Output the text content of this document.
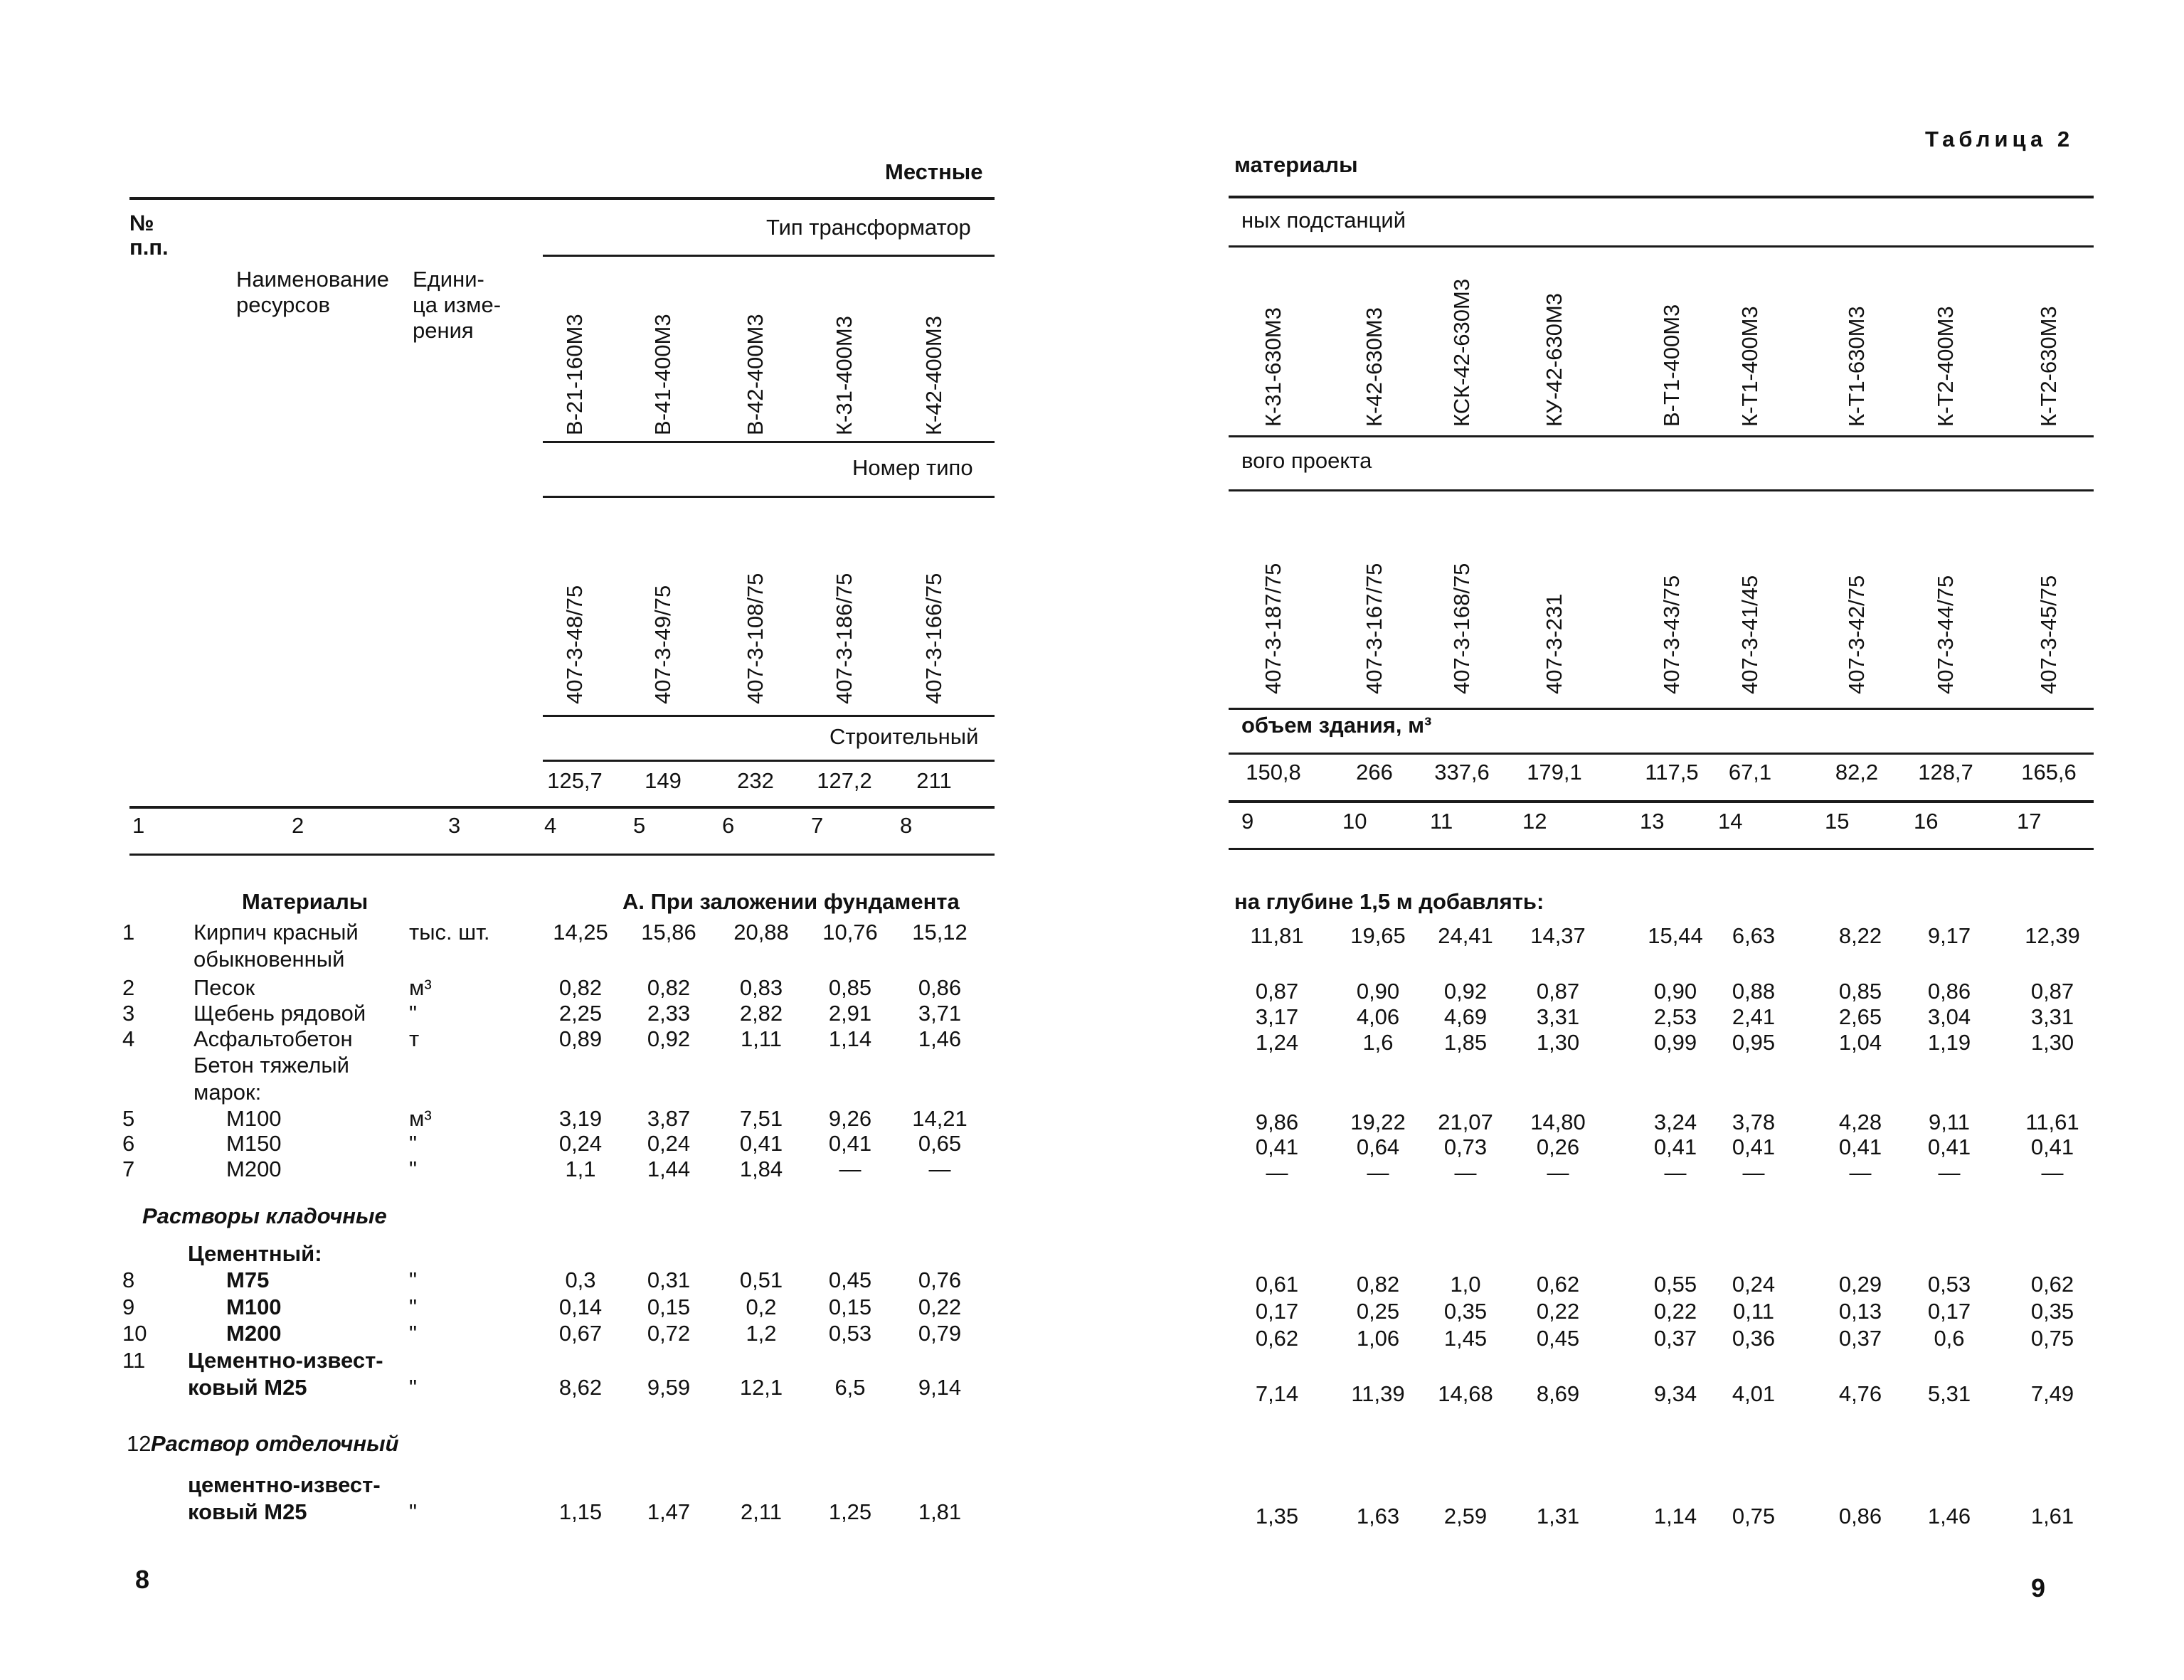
Местные
№
п.п.
Наименование
ресурсов
Едини-
ца изме-
рения
Тип трансформатор
В-21-160М3	В-41-400М3	В-42-400М3	К-31-400М3	К-42-400М3
Номер типо
407-3-48/75	407-3-49/75	407-3-108/75	407-3-186/75	407-3-166/75
Строительный
125,7 149	232 127,2 211
1	2	3	4	5	6	7	8
Материалы	А. При заложении фундамента
1	Кирпич красный
обыкновенный
тыс. шт.	14,25 15,86 20,88 10,76 15,12
2	Песок	м³	0,82 0,82 0,83 0,85 0,86
3	Щебень рядовой "	2,25 2,33 2,82 2,91 3,71
4	Асфальтобетон	т	0,89 0,92 1,11 1,14 1,46
Бетон тяжелый
марок:
5	М100	м³	3,19 3,87 7,51 9,26 14,21
6	М150	"	0,24 0,24 0,41 0,41 0,65
7	М200	"	1,1 1,44 1,84	—	—
Растворы кладочные
Цементный:
8	М75	"	0,3 0,31 0,51 0,45 0,76
9	М100	"	0,14 0,15	0,2 0,15 0,22
10	М200	"	0,67 0,72	1,2 0,53 0,79
11 Цементно-извест-
ковый М25	"	8,62 9,59 12,1 6,5 9,14
12 Раствор отделочный
цементно-извест-
ковый М25	"	1,15 1,47 2,11 1,25 1,81
8
Таблица 2
материалы
ных подстанций
К-31-630М3	К-42-630М3	КСК-42-630М3	КУ-42-630М3	В-Т1-400М3 К-Т1-400М3	К-Т1-630М3	К-Т2-400М3	К-Т2-630М3
вого проекта
407-3-187/75	407-3-167/75	407-3-168/75	407-3-231	407-3-43/75 407-3-41/45	407-3-42/75	407-3-44/75	407-3-45/75
объем здания, м³
150,8 266 337,6 179,1	117,5 67,1	82,2 128,7 165,6
9	10	11	12	13 14	15	16	17
на глубине 1,5 м добавлять:
11,81 19,65 24,41 14,37	15,44 6,63	8,22 9,17 12,39
0,87	0,90 0,92 0,87	0,90 0,88	0,85 0,86	0,87
3,17	4,06 4,69 3,31	2,53 2,41	2,65 3,04	3,31
1,24	1,6 1,85 1,30	0,99 0,95	1,04 1,19	1,30
9,86 19,22 21,07 14,80	3,24 3,78	4,28 9,11	11,61
0,41	0,64 0,73 0,26	0,41 0,41	0,41 0,41	0,41
—	—	—	—	—	—	—	—	—
0,61	0,82 1,0	0,62	0,55 0,24	0,29 0,53	0,62
0,17	0,25 0,35 0,22	0,22 0,11	0,13 0,17	0,35
0,62	1,06 1,45 0,45	0,37 0,36	0,37 0,6	0,75
7,14 11,39 14,68 8,69	9,34 4,01	4,76 5,31	7,49
1,35	1,63 2,59 1,31	1,14 0,75	0,86 1,46	1,61
9
